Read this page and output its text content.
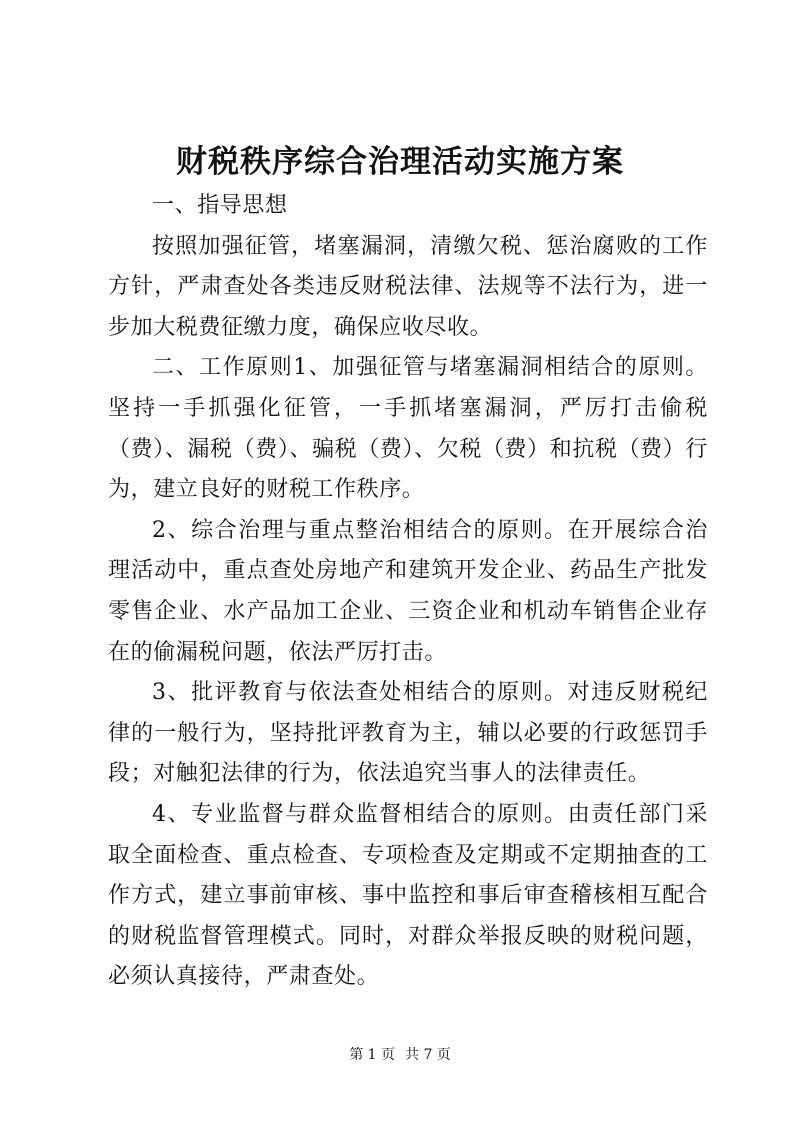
财税秩序综合治理活动实施方案

一、指导思想

按照加强征管，堵塞漏洞，清缴欠税、惩治腐败的工作方针，严肃查处各类违反财税法律、法规等不法行为，进一步加大税费征缴力度，确保应收尽收。

二、工作原则1、加强征管与堵塞漏洞相结合的原则。坚持一手抓强化征管，一手抓堵塞漏洞，严厉打击偷税（费）、漏税（费）、骗税（费）、欠税（费）和抗税（费）行为，建立良好的财税工作秩序。

2、综合治理与重点整治相结合的原则。在开展综合治理活动中，重点查处房地产和建筑开发企业、药品生产批发零售企业、水产品加工企业、三资企业和机动车销售企业存在的偷漏税问题，依法严厉打击。

3、批评教育与依法查处相结合的原则。对违反财税纪律的一般行为，坚持批评教育为主，辅以必要的行政惩罚手段；对触犯法律的行为，依法追究当事人的法律责任。

4、专业监督与群众监督相结合的原则。由责任部门采取全面检查、重点检查、专项检查及定期或不定期抽查的工作方式，建立事前审核、事中监控和事后审查稽核相互配合的财税监督管理模式。同时，对群众举报反映的财税问题，必须认真接待，严肃查处。

第 1 页 共 7 页
